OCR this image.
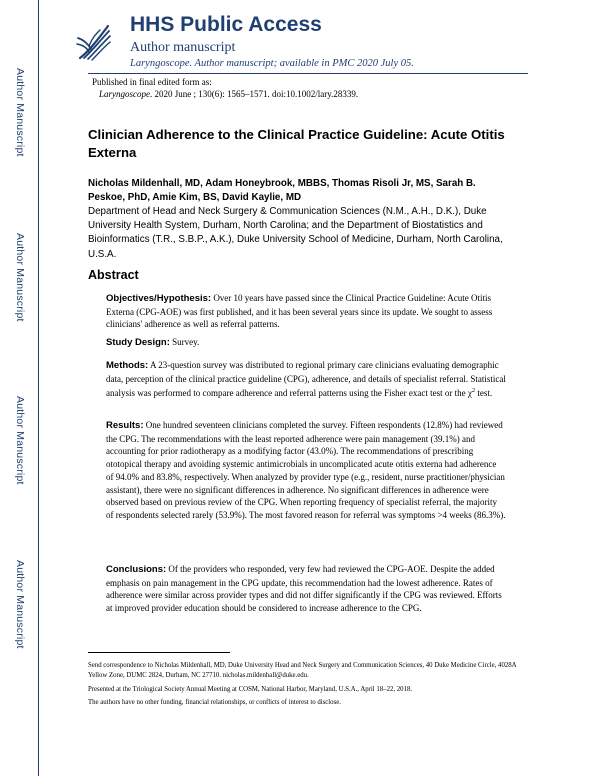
Author Manuscript
Author Manuscript
Author Manuscript
Author Manuscript
HHS Public Access
Author manuscript
Laryngoscope. Author manuscript; available in PMC 2020 July 05.
Published in final edited form as:
Laryngoscope. 2020 June ; 130(6): 1565–1571. doi:10.1002/lary.28339.
Clinician Adherence to the Clinical Practice Guideline: Acute Otitis Externa
Nicholas Mildenhall, MD, Adam Honeybrook, MBBS, Thomas Risoli Jr, MS, Sarah B. Peskoe, PhD, Amie Kim, BS, David Kaylie, MD
Department of Head and Neck Surgery & Communication Sciences (N.M., A.H., D.K.), Duke University Health System, Durham, North Carolina; and the Department of Biostatistics and Bioinformatics (T.R., S.B.P., A.K.), Duke University School of Medicine, Durham, North Carolina, U.S.A.
Abstract

Objectives/Hypothesis: Over 10 years have passed since the Clinical Practice Guideline: Acute Otitis Externa (CPG-AOE) was first published, and it has been several years since its update. We sought to assess clinicians' adherence as well as referral patterns.

Study Design: Survey.

Methods: A 23-question survey was distributed to regional primary care clinicians evaluating demographic data, perception of the clinical practice guideline (CPG), adherence, and details of specialist referral. Statistical analysis was performed to compare adherence and referral patterns using the Fisher exact test or the $\chi^2$ test.

Results: One hundred seventeen clinicians completed the survey. Fifteen respondents (12.8%) had reviewed the CPG. The recommendations with the least reported adherence were pain management (39.1%) and accounting for prior radiotherapy as a modifying factor (43.0%). The recommendations of prescribing ototopical therapy and avoiding systemic antimicrobials in uncomplicated acute otitis externa had adherence of 94.0% and 83.8%, respectively. When analyzed by provider type (e.g., resident, nurse practitioner/physician assistant), there were no significant differences in adherence. No significant differences in adherence were observed based on previous review of the CPG. When reporting frequency of specialist referral, the majority of respondents selected rarely (53.9%). The most favored reason for referral was symptoms >4 weeks (86.3%).

Conclusions: Of the providers who responded, very few had reviewed the CPG-AOE. Despite the added emphasis on pain management in the CPG update, this recommendation had the lowest adherence. Rates of adherence were similar across provider types and did not differ significantly if the CPG was reviewed. Efforts at improved provider education should be considered to increase adherence to the CPG.

Send correspondence to Nicholas Mildenhall, MD, Duke University Head and Neck Surgery and Communication Sciences, 40 Duke Medicine Circle, 4028A Yellow Zone, DUMC 2824, Durham, NC 27710. nicholas.mildenhall@duke.edu.

Presented at the Triological Society Annual Meeting at COSM, National Harbor, Maryland, U.S.A., April 18–22, 2018.

The authors have no other funding, financial relationships, or conflicts of interest to disclose.
